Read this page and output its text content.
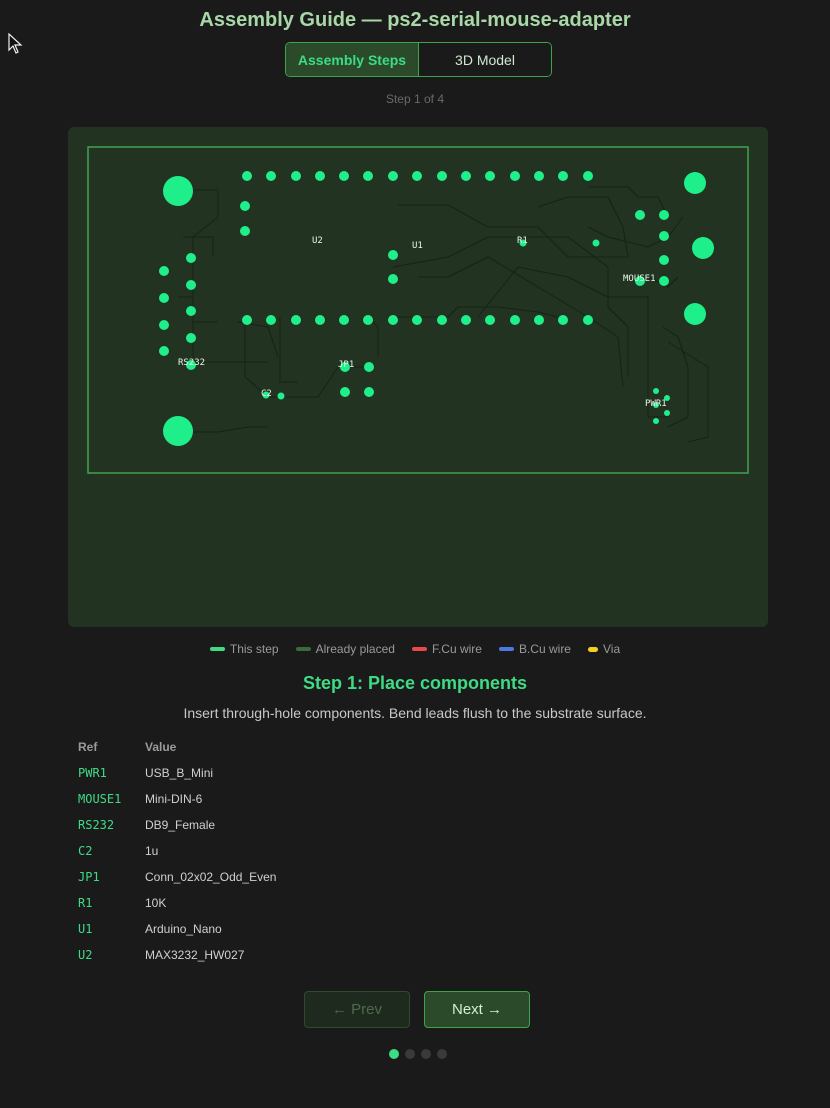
Assembly Guide — ps2-serial-mouse-adapter
Assembly Steps	3D Model
Step 1 of 4
U2	U1	R1
MOUSE1
RS232	JP1
C2
PWR1
This step	Already placed	F.Cu wire	B.Cu wire	Via
Step 1: Place components
Insert through-hole components. Bend leads flush to the substrate surface.
Ref	Value
PWR1	USB_B_Mini
MOUSE1	Mini-DIN-6
RS232	DB9_Female
C2	1u
JP1	Conn_02x02_Odd_Even
R1	10K
U1	Arduino_Nano
U2	MAX3232_HW027
← Prev	Next →
